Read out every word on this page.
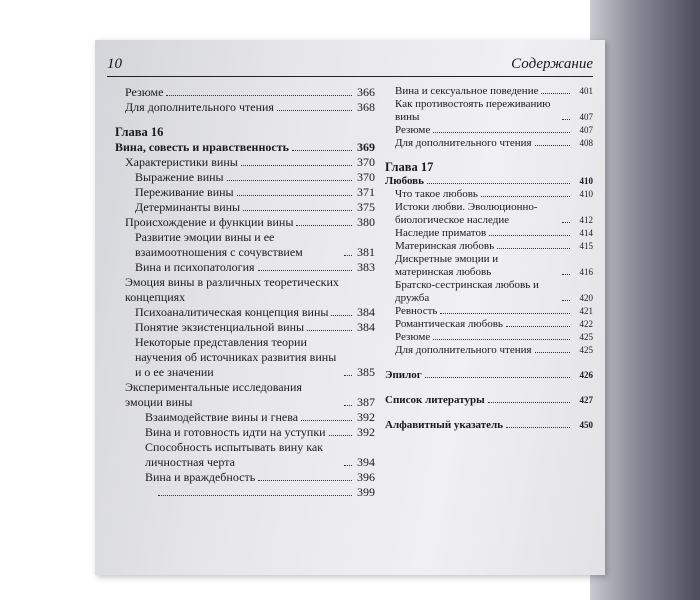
10	Содержание
Резюме	366
Для дополнительного чтения	368
Глава 16
Вина, совесть и нравственность	369
Характеристики вины	370
Выражение вины	370
Переживание вины	371
Детерминанты вины	375
Происхождение и функции вины	380
Развитие эмоции вины и ее взаимоотношения с сочувствием	381
Вина и психопатология	383
Эмоция вины в различных теоретических концепциях
Психоаналитическая концепция вины 384
Понятие экзистенциальной вины	384
Некоторые представления теории научения об источниках развития вины и о ее значении	385
Экспериментальные исследования эмоции вины	387
Взаимодействие вины и гнева	392
Вина и готовность идти на уступки	392
Способность испытывать вину как личностная черта	394
Вина и враждебность	396
399
Вина и сексуальное поведение	401
Как противостоять переживанию вины	407
Резюме	407
Для дополнительного чтения	408
Глава 17
Любовь	410
Что такое любовь	410
Истоки любви. Эволюционно-биологическое наследие	412
Наследие приматов	414
Материнская любовь	415
Дискретные эмоции и материнская любовь	416
Братско-сестринская любовь и дружба	420
Ревность	421
Романтическая любовь	422
Резюме	425
Для дополнительного чтения	425
Эпилог	426
Список литературы	427
Алфавитный указатель	450
